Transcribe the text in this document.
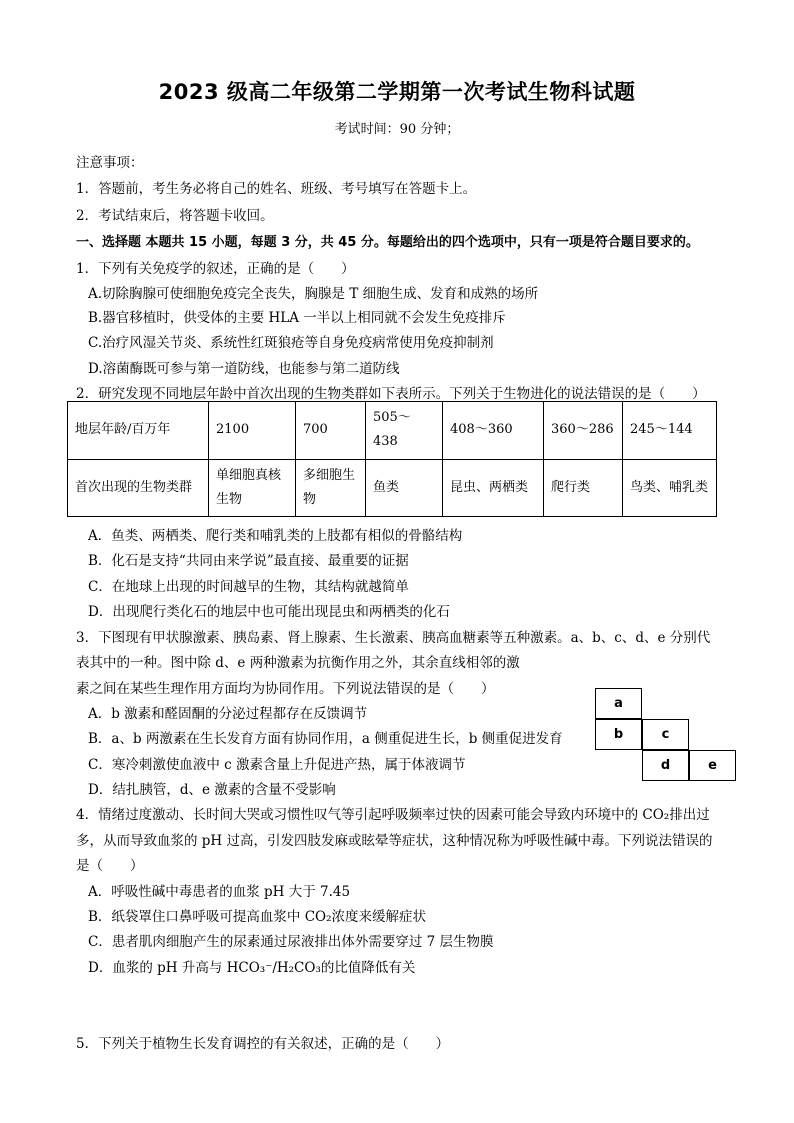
2023 级高二年级第二学期第一次考试生物科试题
考试时间：90 分钟；
注意事项：
1．答题前，考生务必将自己的姓名、班级、考号填写在答题卡上。
2．考试结束后，将答题卡收回。
一、选择题 本题共 15 小题，每题 3 分，共 45 分。每题给出的四个选项中，只有一项是符合题目要求的。
1．下列有关免疫学的叙述，正确的是（　　）
A.切除胸腺可使细胞免疫完全丧失，胸腺是 T 细胞生成、发育和成熟的场所
B.器官移植时，供受体的主要 HLA 一半以上相同就不会发生免疫排斥
C.治疗风湿关节炎、系统性红斑狼疮等自身免疫病常使用免疫抑制剂
D.溶菌酶既可参与第一道防线，也能参与第二道防线
2．研究发现不同地层年龄中首次出现的生物类群如下表所示。下列关于生物进化的说法错误的是（　　）
地层年龄/百万年	2100	700	505～438	408～360	360～286	245～144
首次出现的生物类群	单细胞真核生物	多细胞生物	鱼类	昆虫、两栖类	爬行类	鸟类、哺乳类
A．鱼类、两栖类、爬行类和哺乳类的上肢都有相似的骨骼结构
B．化石是支持“共同由来学说”最直接、最重要的证据
C．在地球上出现的时间越早的生物，其结构就越简单
D．出现爬行类化石的地层中也可能出现昆虫和两栖类的化石
3．下图现有甲状腺激素、胰岛素、肾上腺素、生长激素、胰高血糖素等五种激素。a、b、c、d、e 分别代
表其中的一种。图中除 d、e 两种激素为抗衡作用之外，其余直线相邻的激
素之间在某些生理作用方面均为协同作用。下列说法错误的是（　　）
A．b 激素和醛固酮的分泌过程都存在反馈调节
B．a、b 两激素在生长发育方面有协同作用，a 侧重促进生长，b 侧重促进发育
C．寒冷刺激使血液中 c 激素含量上升促进产热，属于体液调节
D．结扎胰管，d、e 激素的含量不受影响
a
b	c
d	e
4．情绪过度激动、长时间大哭或习惯性叹气等引起呼吸频率过快的因素可能会导致内环境中的 CO₂排出过
多，从而导致血浆的 pH 过高，引发四肢发麻或眩晕等症状，这种情况称为呼吸性碱中毒。下列说法错误的
是（　　）
A．呼吸性碱中毒患者的血浆 pH 大于 7.45
B．纸袋罩住口鼻呼吸可提高血浆中 CO₂浓度来缓解症状
C．患者肌肉细胞产生的尿素通过尿液排出体外需要穿过 7 层生物膜
D．血浆的 pH 升高与 HCO₃⁻/H₂CO₃的比值降低有关
5．下列关于植物生长发育调控的有关叙述，正确的是（　　）
